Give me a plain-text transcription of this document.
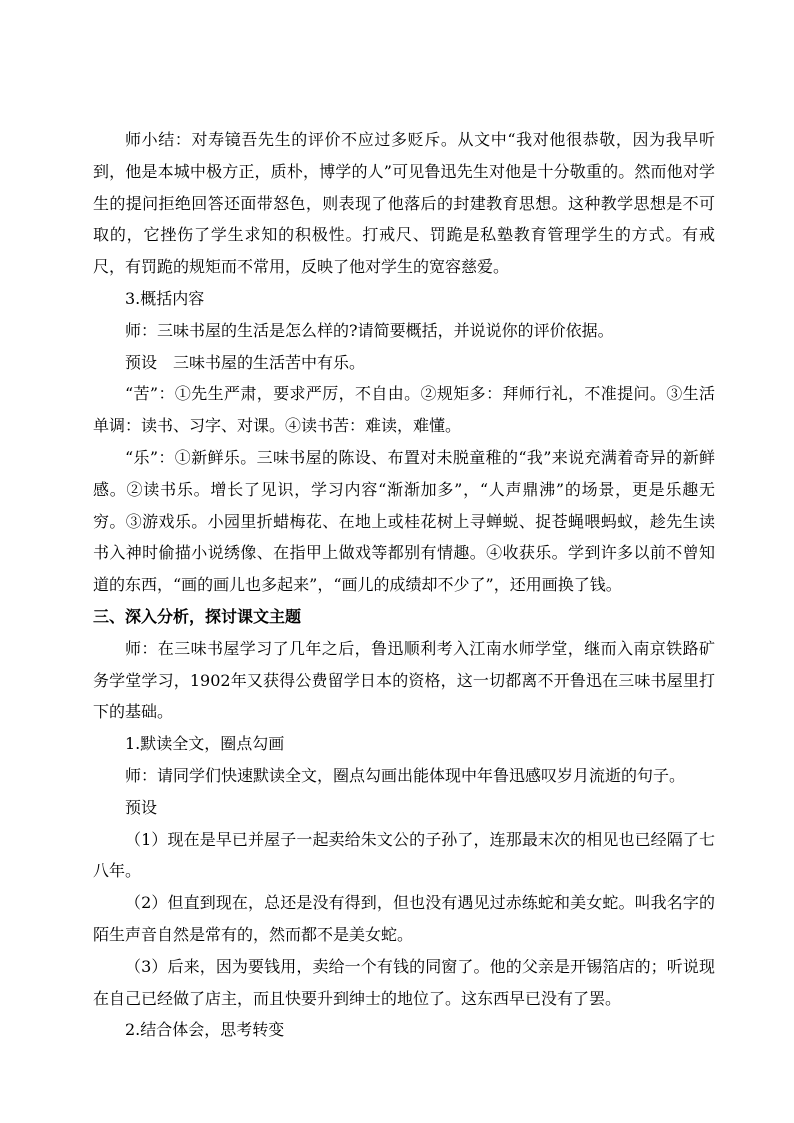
师小结：对寿镜吾先生的评价不应过多贬斥。从文中“我对他很恭敬，因为我早听到，他是本城中极方正，质朴，博学的人”可见鲁迅先生对他是十分敬重的。然而他对学生的提问拒绝回答还面带怒色，则表现了他落后的封建教育思想。这种教学思想是不可取的，它挫伤了学生求知的积极性。打戒尺、罚跪是私塾教育管理学生的方式。有戒尺，有罚跪的规矩而不常用，反映了他对学生的宽容慈爱。

3.概括内容

师：三味书屋的生活是怎么样的?请简要概括，并说说你的评价依据。

预设　三味书屋的生活苦中有乐。

“苦”：①先生严肃，要求严厉，不自由。②规矩多：拜师行礼，不准提问。③生活单调：读书、习字、对课。④读书苦：难读，难懂。

“乐”：①新鲜乐。三味书屋的陈设、布置对未脱童稚的“我”来说充满着奇异的新鲜感。②读书乐。增长了见识，学习内容“渐渐加多”，“人声鼎沸”的场景，更是乐趣无穷。③游戏乐。小园里折蜡梅花、在地上或桂花树上寻蝉蜕、捉苍蝇喂蚂蚁，趁先生读书入神时偷描小说绣像、在指甲上做戏等都别有情趣。④收获乐。学到许多以前不曾知道的东西，“画的画儿也多起来”，“画儿的成绩却不少了”，还用画换了钱。

三、深入分析，探讨课文主题

师：在三味书屋学习了几年之后，鲁迅顺利考入江南水师学堂，继而入南京铁路矿务学堂学习，1902年又获得公费留学日本的资格，这一切都离不开鲁迅在三味书屋里打下的基础。

1.默读全文，圈点勾画

师：请同学们快速默读全文，圈点勾画出能体现中年鲁迅感叹岁月流逝的句子。

预设

（1）现在是早已并屋子一起卖给朱文公的子孙了，连那最末次的相见也已经隔了七八年。

（2）但直到现在，总还是没有得到，但也没有遇见过赤练蛇和美女蛇。叫我名字的陌生声音自然是常有的，然而都不是美女蛇。

（3）后来，因为要钱用，卖给一个有钱的同窗了。他的父亲是开锡箔店的；听说现在自己已经做了店主，而且快要升到绅士的地位了。这东西早已没有了罢。

2.结合体会，思考转变
